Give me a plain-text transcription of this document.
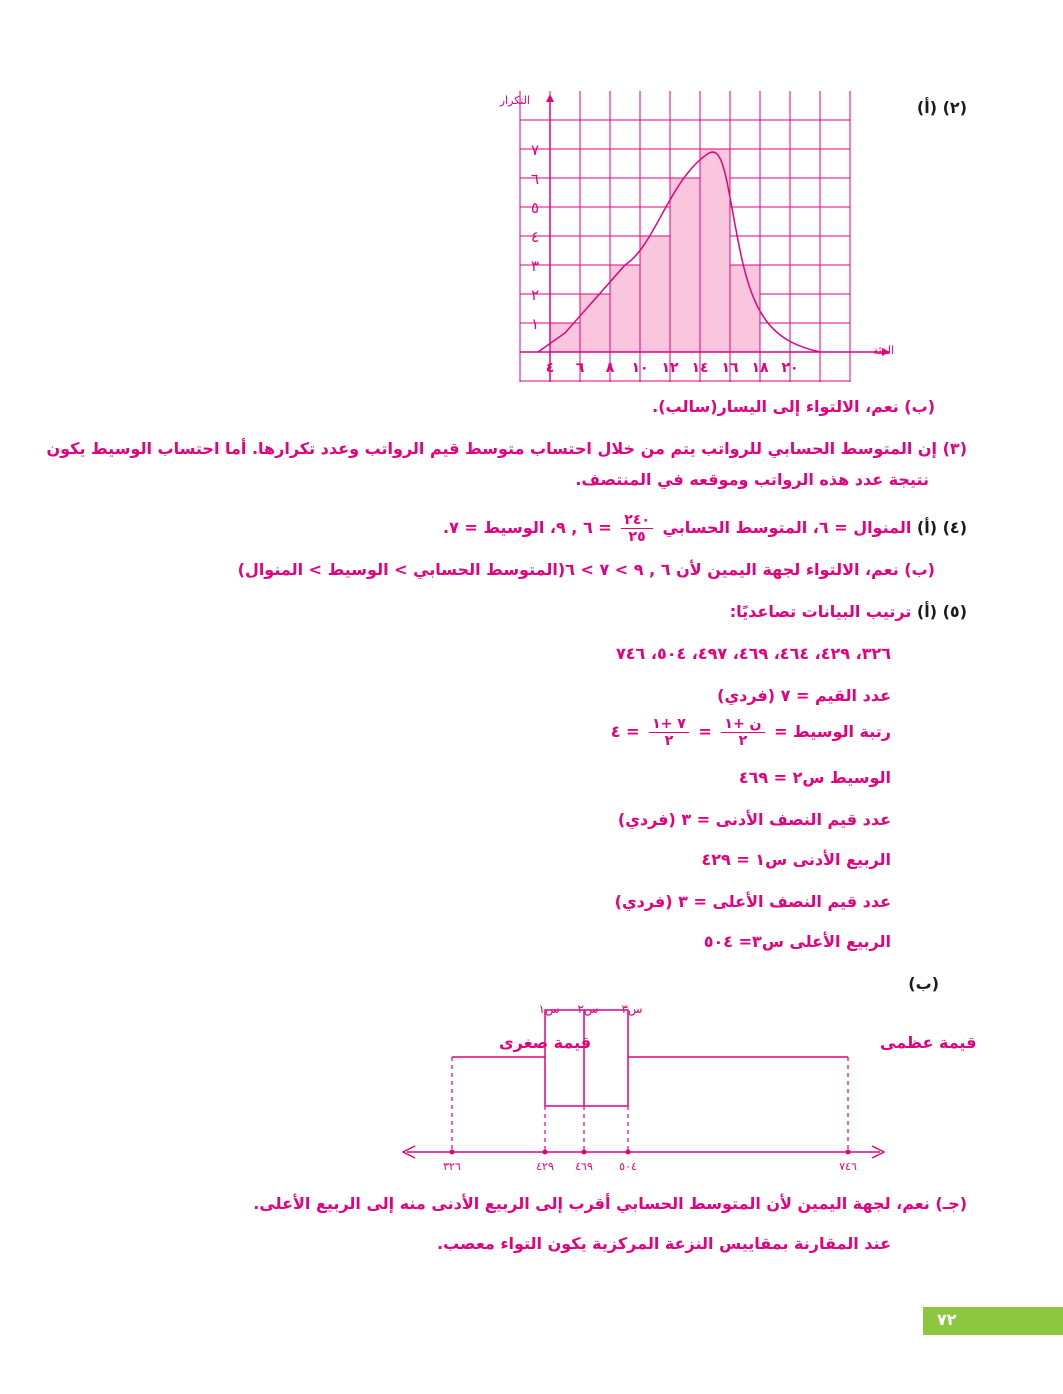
(٢) (أ)
١
٢
٣
٤
٥
٦
٧
٤ ٦ ٨ ١٠ ١٢ ١٤ ١٦ ١٨ ٢٠
التكرار
الفئة
(ب) نعم، الالتواء إلى اليسار(سالب).
(٣) إن المتوسط الحسابي للرواتب يتم من خلال احتساب متوسط قيم الرواتب وعدد تكرارها. أما احتساب الوسيط يكون
نتيجة عدد هذه الرواتب وموقعه في المنتصف.
(٤) (أ) المنوال = ٦، المتوسط الحسابي
$\frac{٢٤٠}{٢٥}$
= ٦ , ٩، الوسيط = ٧.
(ب) نعم، الالتواء لجهة اليمين لأن ٦ , ٩ > ٧ > ٦(المتوسط الحسابي > الوسيط > المنوال)
(٥) (أ) ترتيب البيانات تصاعديًا:
٣٢٦، ٤٢٩، ٤٦٤، ٤٦٩، ٤٩٧، ٥٠٤، ٧٤٦
عدد القيم = ٧ (فردي)
رتبة الوسيط =
$\frac{\text{ن +١}}{٢}$
=
$\frac{٧ +١}{٢}$
= ٤
الوسيط س٢ = ٤٦٩
عدد قيم النصف الأدنى = ٣ (فردي)
الربيع الأدنى س١ = ٤٢٩
عدد قيم النصف الأعلى = ٣ (فردي)
الربيع الأعلى س٣= ٥٠٤
(ب)
٣٢٦	٤٢٩ ٤٦٩ ٥٠٤	٧٤٦
قيمة عظمى
قيمة صغرى
س١ س٢ س٣
(جـ) نعم، لجهة اليمين لأن المتوسط الحسابي أقرب إلى الربيع الأدنى منه إلى الربيع الأعلى.
عند المقارنة بمقاييس النزعة المركزية يكون التواء معصب.
٧٢
